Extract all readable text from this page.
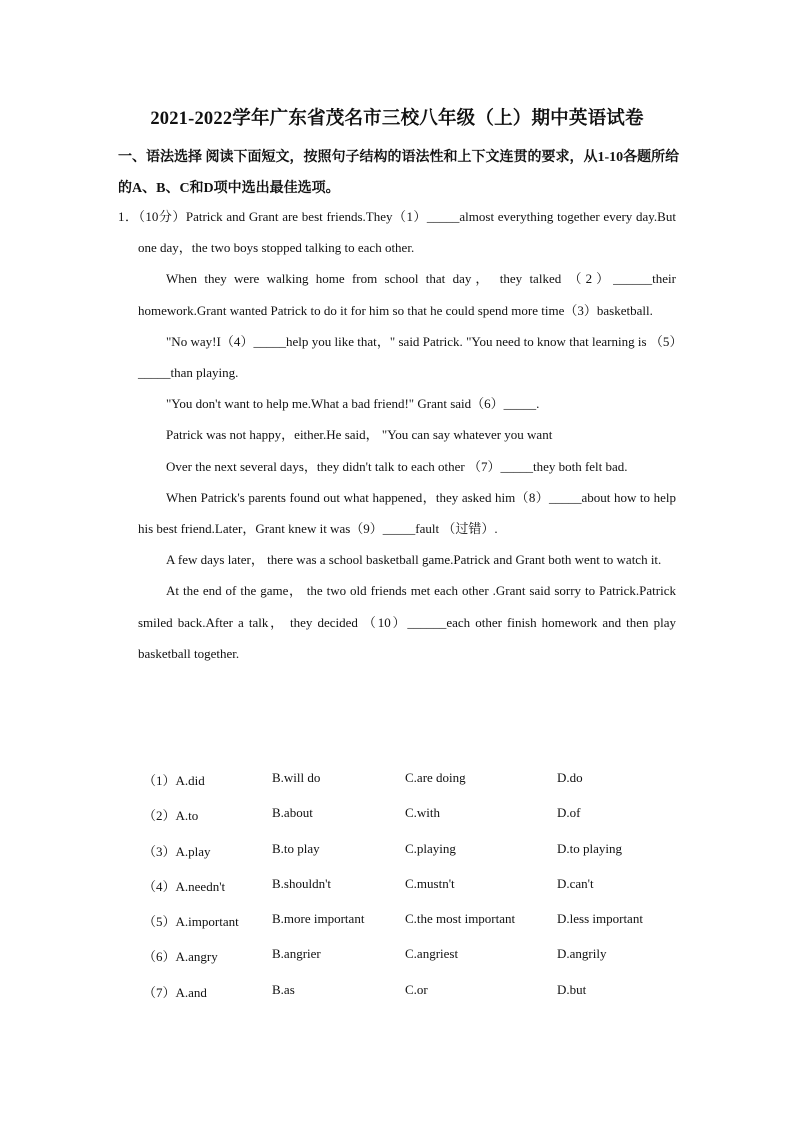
2021-2022学年广东省茂名市三校八年级（上）期中英语试卷
一、语法选择 阅读下面短文，按照句子结构的语法性和上下文连贯的要求，从1-10各题所给的A、B、C和D项中选出最佳选项。

1．（10分）Patrick and Grant are best friends.They（1）_____almost everything together every day.But one day，the two boys stopped talking to each other.

When they were walking home from school that day， they talked （2）______their homework.Grant wanted Patrick to do it for him so that he could spend more time（3）basketball.

"No way!I（4）_____help you like that，" said Patrick. "You need to know that learning is （5）_____than playing.

"You don't want to help me.What a bad friend!" Grant said（6）_____.

Patrick was not happy，either.He said， "You can say whatever you want

Over the next several days，they didn't talk to each other （7）_____they both felt bad.

When Patrick's parents found out what happened，they asked him（8）_____about how to help his best friend.Later，Grant knew it was（9）_____fault （过错）.

A few days later， there was a school basketball game.Patrick and Grant both went to watch it.

At the end of the game， the two old friends met each other .Grant said sorry to Patrick.Patrick smiled back.After a talk， they decided （10）______each other finish homework and then play basketball together.

（1）A.did	B.will do	C.are doing	D.do
（2）A.to	B.about	C.with	D.of
（3）A.play	B.to play	C.playing	D.to playing
（4）A.needn't	B.shouldn't	C.mustn't	D.can't
（5）A.important	B.more important	C.the most important	D.less important
（6）A.angry	B.angrier	C.angriest	D.angrily
（7）A.and	B.as	C.or	D.but
